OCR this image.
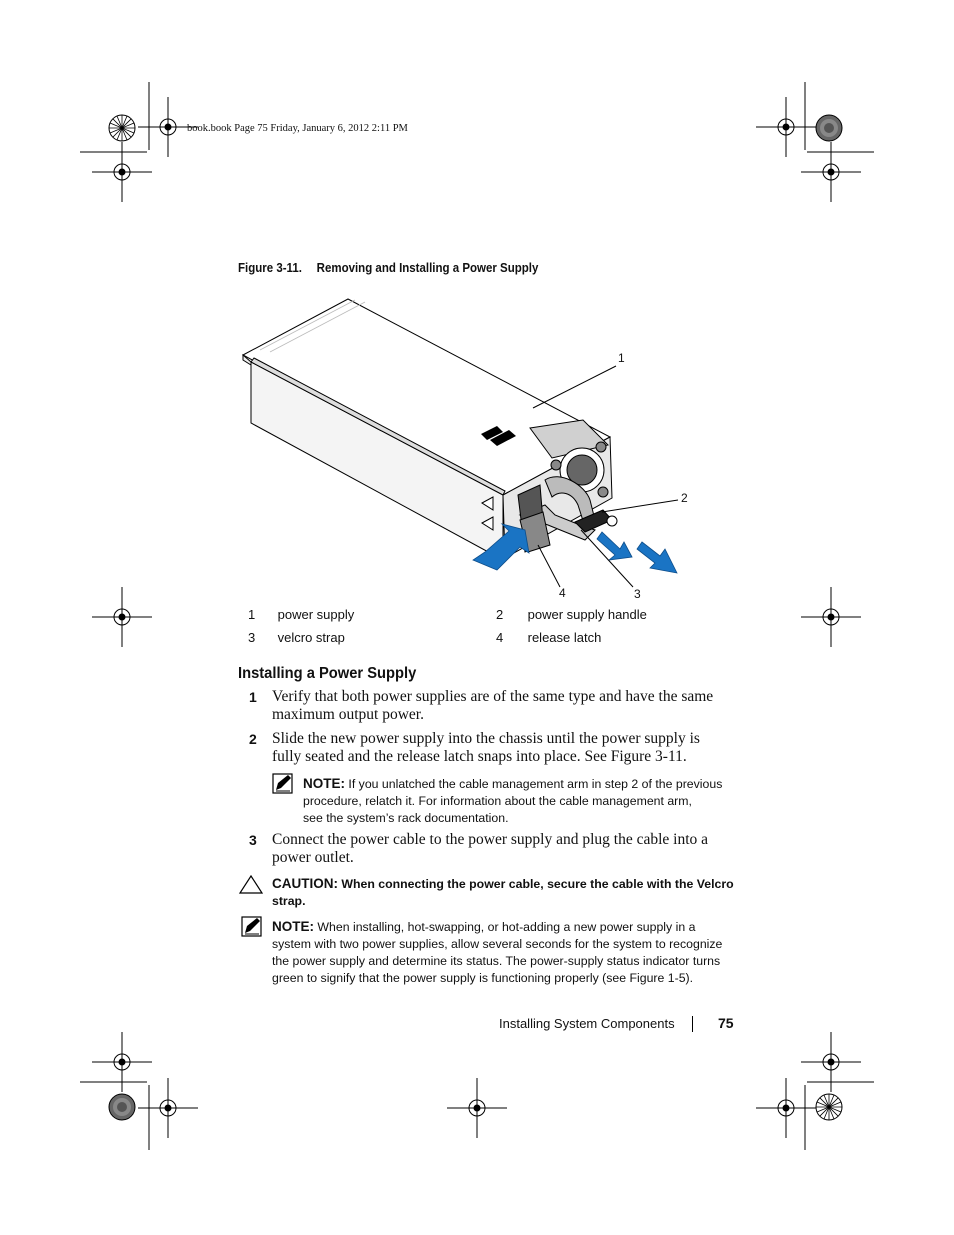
book.book Page 75 Friday, January 6, 2012 2:11 PM
Figure 3-11. Removing and Installing a Power Supply
1
2
3
4
1 power supply	2 power supply handle
3 velcro strap	4 release latch
Installing a Power Supply
1 Verify that both power supplies are of the same type and have the same
maximum output power.
2 Slide the new power supply into the chassis until the power supply is
fully seated and the release latch snaps into place. See Figure 3-11.
NOTE: If you unlatched the cable management arm in step 2 of the previous
procedure, relatch it. For information about the cable management arm,
see the system’s rack documentation.
3 Connect the power cable to the power supply and plug the cable into a
power outlet.
CAUTION: When connecting the power cable, secure the cable with the Velcro
strap.
NOTE: When installing, hot-swapping, or hot-adding a new power supply in a
system with two power supplies, allow several seconds for the system to recognize
the power supply and determine its status. The power-supply status indicator turns
green to signify that the power supply is functioning properly (see Figure 1-5).
Installing System Components	75
